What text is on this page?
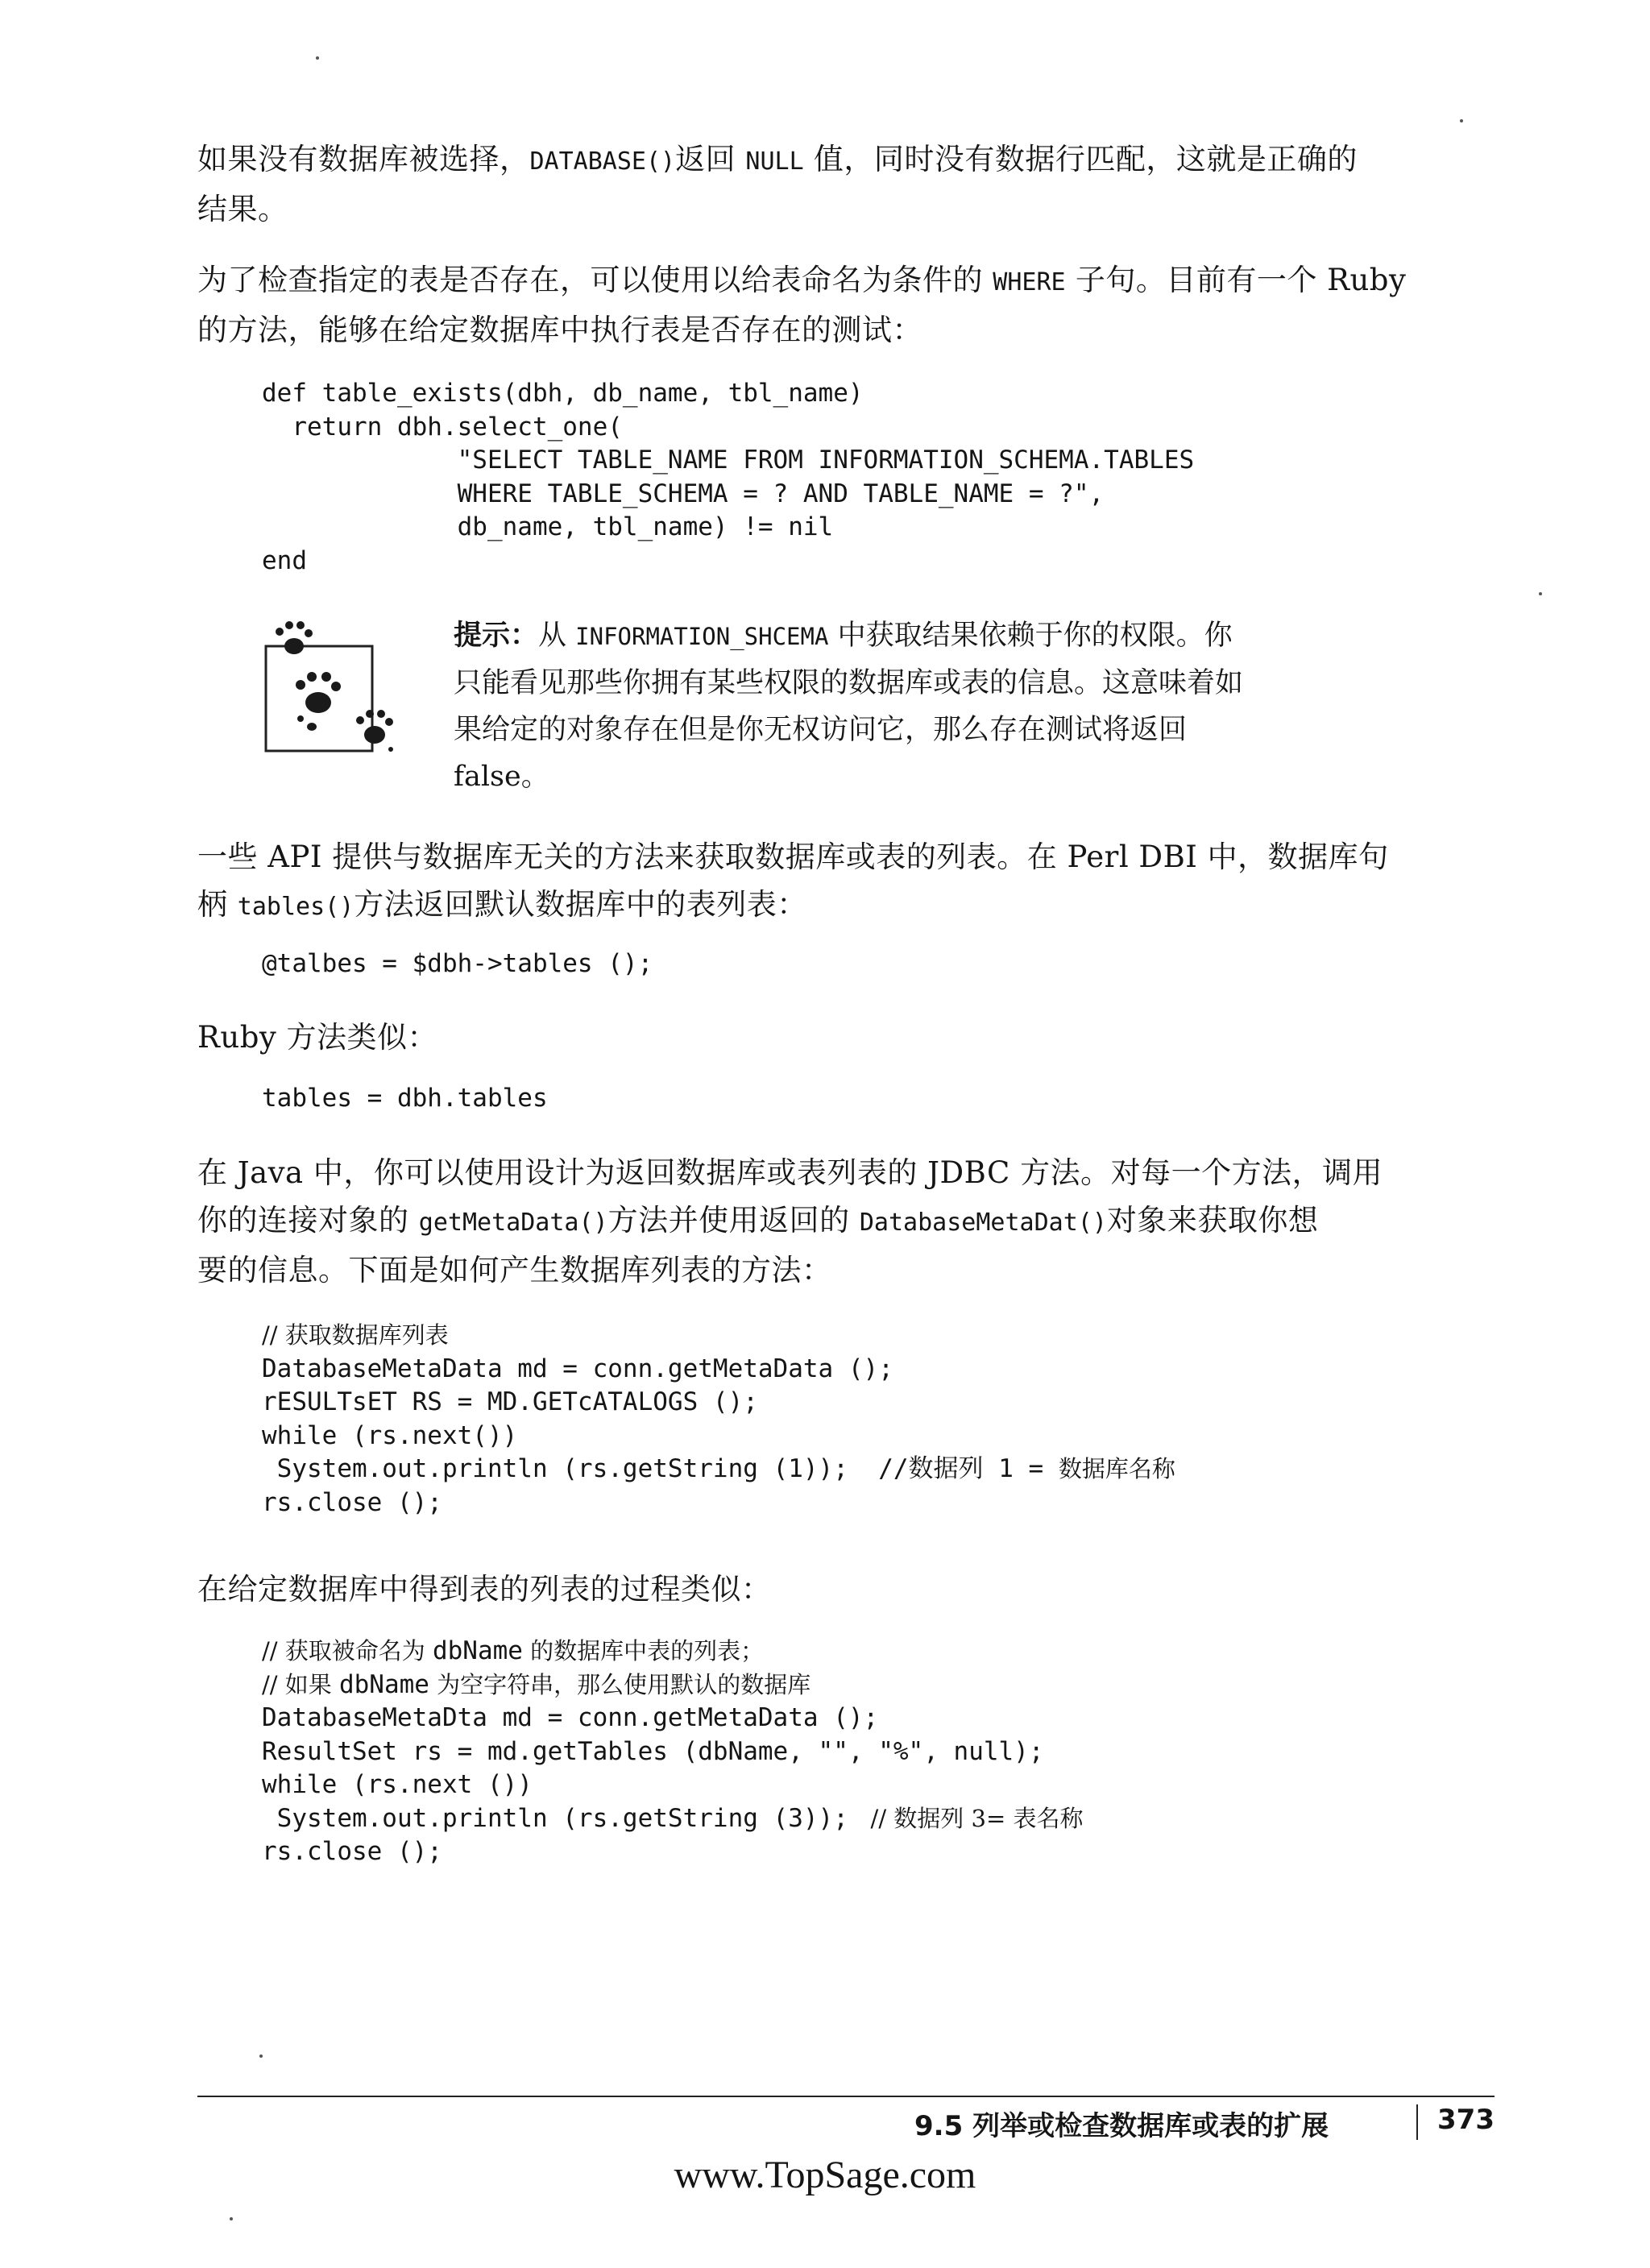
如果没有数据库被选择，DATABASE()返回 NULL 值，同时没有数据行匹配，这就是正确的
结果。
为了检查指定的表是否存在，可以使用以给表命名为条件的 WHERE 子句。目前有一个 Ruby
的方法，能够在给定数据库中执行表是否存在的测试：
def table_exists(dbh, db_name, tbl_name)
return dbh.select_one(
"SELECT TABLE_NAME FROM INFORMATION_SCHEMA.TABLES
WHERE TABLE_SCHEMA = ? AND TABLE_NAME = ?",
db_name, tbl_name) != nil
end
提示：从 INFORMATION_SHCEMA 中获取结果依赖于你的权限。你
只能看见那些你拥有某些权限的数据库或表的信息。这意味着如
果给定的对象存在但是你无权访问它，那么存在测试将返回
false。
一些 API 提供与数据库无关的方法来获取数据库或表的列表。在 Perl DBI 中，数据库句
柄 tables()方法返回默认数据库中的表列表：
@talbes = $dbh->tables ();
Ruby 方法类似：
tables = dbh.tables
在 Java 中，你可以使用设计为返回数据库或表列表的 JDBC 方法。对每一个方法，调用
你的连接对象的 getMetaData()方法并使用返回的 DatabaseMetaDat()对象来获取你想
要的信息。下面是如何产生数据库列表的方法：
// 获取数据库列表
DatabaseMetaData md = conn.getMetaData ();
rESULTsET RS = MD.GETcATALOGS ();
while (rs.next())
System.out.println (rs.getString (1));  //数据列 1 = 数据库名称
rs.close ();
在给定数据库中得到表的列表的过程类似：
// 获取被命名为 dbName 的数据库中表的列表；
// 如果 dbName 为空字符串，那么使用默认的数据库
DatabaseMetaDta md = conn.getMetaData ();
ResultSet rs = md.getTables (dbName, "", "%", null);
while (rs.next ())
System.out.println (rs.getString (3));   // 数据列 3= 表名称
rs.close ();
9.5 列举或检查数据库或表的扩展	373
www.TopSage.com
